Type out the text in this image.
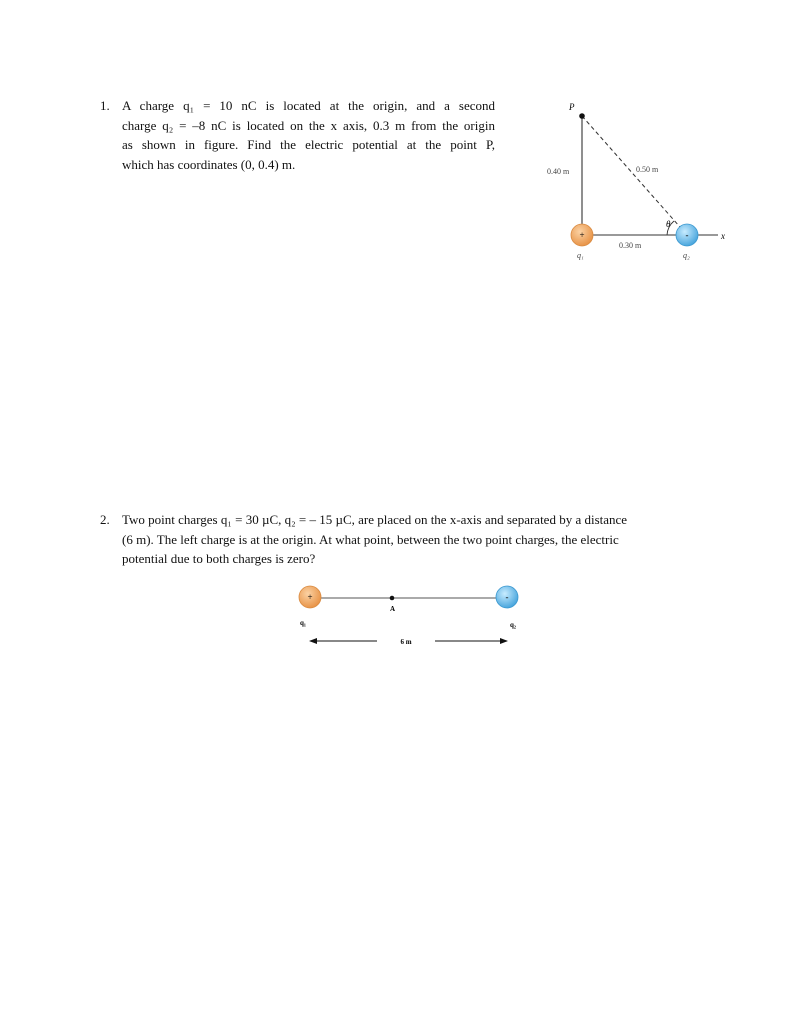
1. A charge q₁ = 10 nC is located at the origin, and a second
charge q₂ = –8 nC is located on the x axis, 0.3 m from the origin
as shown in figure. Find the electric potential at the point P,
which has coordinates (0, 0.4) m.
P
0.40 m	0.50 m
0.30 m
θ
x
+
q₁
-
q₂
2. Two point charges q₁ = 30 µC, q₂ = – 15 µC, are placed on the x-axis and separated by a distance
(6 m). The left charge is at the origin. At what point, between the two point charges, the electric
potential due to both charges is zero?
A
+
q₁
-
q₂
6 m
